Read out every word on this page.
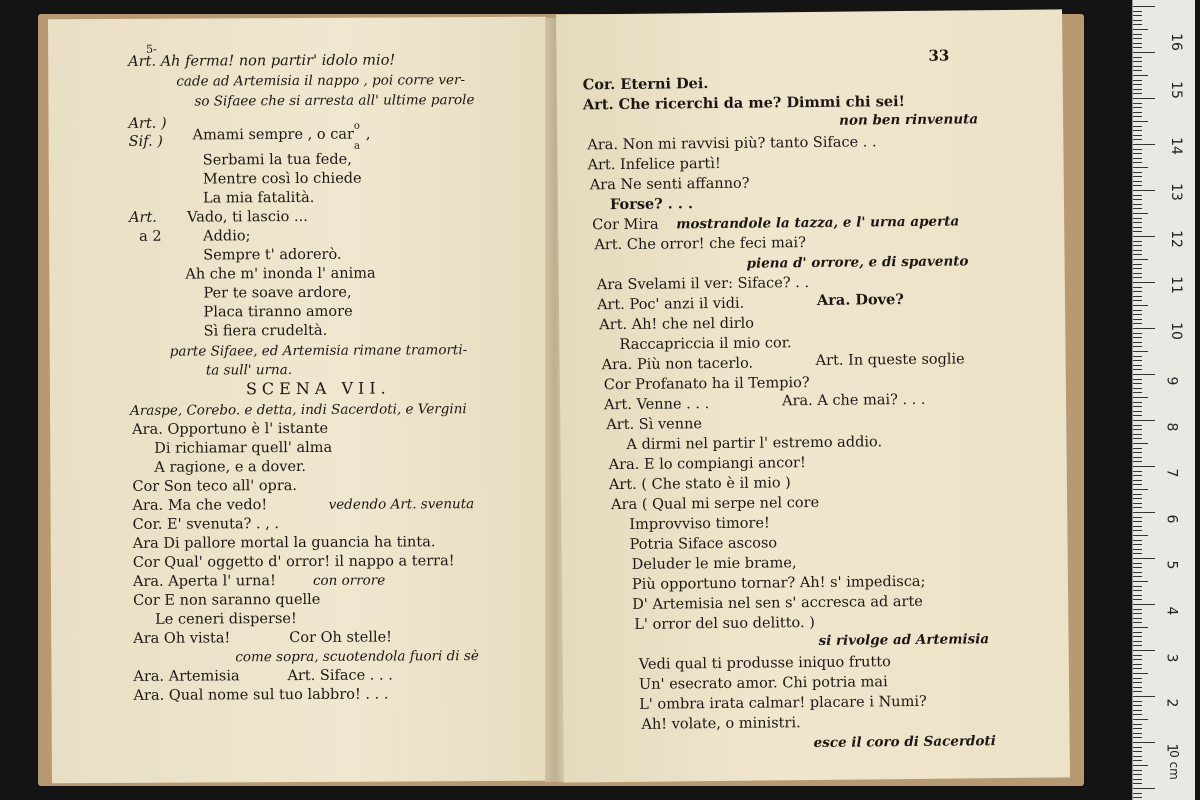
5-
Art. Ah ferma! non partir' idolo mio!
cade ad Artemisia il nappo , poi corre ver-
so Sifaee che si arresta all' ultime parole
Art. )
Sif. ) Amami sempre , o car$^o_a$,
Serbami la tua fede,
Mentre così lo chiede
La mia fatalità.
Art. Vado, ti lascio ...
a 2	Addio;
Sempre t' adorerò.
Ah che m' inonda l' anima
Per te soave ardore,
Placa tiranno amore
Sì fiera crudeltà.
parte Sifaee, ed Artemisia rimane tramorti-
ta sull' urna.
SCENA VII.
Araspe, Corebo. e detta, indi Sacerdoti, e Vergini
Ara. Opportuno è l' istante
Di richiamar quell' alma
A ragione, e a dover.
Cor Son teco all' opra.
Ara. Ma che vedo!	vedendo Art. svenuta
Cor. E' svenuta? . , .
Ara Di pallore mortal la guancia ha tinta.
Cor Qual' oggetto d' orror! il nappo a terra!
Ara. Aperta l' urna!	con orrore
Cor E non saranno quelle
Le ceneri disperse!
Ara Oh vista!	Cor Oh stelle!
come sopra, scuotendola fuori di sè
Ara. Artemisia	Art. Siface . . .
Ara. Qual nome sul tuo labbro! . . .
33
Cor. Eterni Dei.
Art. Che ricerchi da me? Dimmi chi sei!
non ben rinvenuta
Ara. Non mi ravvisi più? tanto Siface . .
Art. Infelice partì!
Ara Ne senti affanno?
Forse? . . .
Cor Mira mostrandole la tazza, e l' urna aperta
Art. Che orror! che feci mai?
piena d' orrore, e di spavento
Ara Svelami il ver: Siface? . .
Art. Poc' anzi il vidi.	Ara. Dove?
Art. Ah! che nel dirlo
Raccapriccia il mio cor.
Ara. Più non tacerlo.	Art. In queste soglie
Cor Profanato ha il Tempio?
Art. Venne . . .	Ara. A che mai? . . .
Art. Sì venne
A dirmi nel partir l' estremo addio.
Ara. E lo compiangi ancor!
Art. ( Che stato è il mio )
Ara ( Qual mi serpe nel core
Improvviso timore!
Potria Siface ascoso
Deluder le mie brame,
Più opportuno tornar? Ah! s' impedisca;
D' Artemisia nel sen s' accresca ad arte
L' orror del suo delitto. )
si rivolge ad Artemisia
Vedi qual ti produsse iniquo frutto
Un' esecrato amor. Chi potria mai
L' ombra irata calmar! placare i Numi?
Ah! volate, o ministri.
esce il coro di Sacerdoti	1
2
3
4
5
6
7
8
9
10
11
12
13
14
15
16
0 cm
